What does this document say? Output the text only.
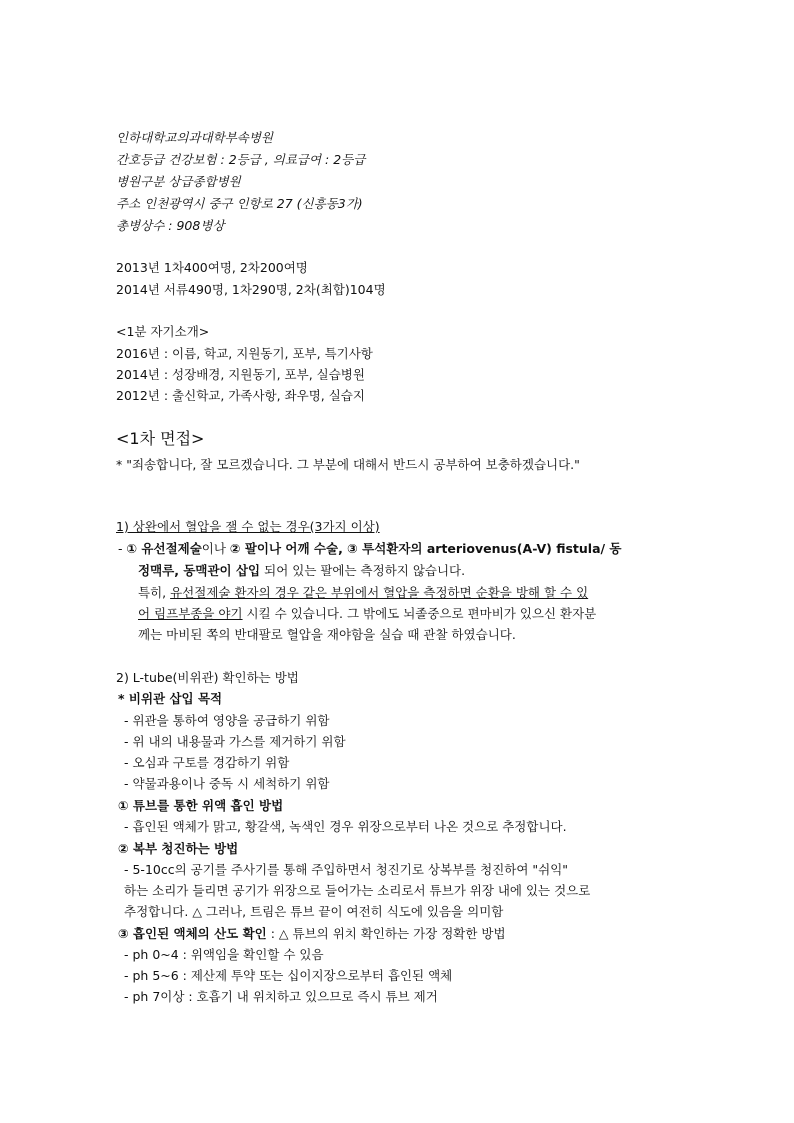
인하대학교의과대학부속병원
간호등급 건강보험 : 2등급 , 의료급여 : 2등급
병원구분 상급종합병원
주소 인천광역시 중구 인항로 27 (신흥동3가)
총병상수 : 908병상
2013년 1차400여명, 2차200여명
2014년 서류490명, 1차290명, 2차(최합)104명
<1분 자기소개>
2016년 : 이름, 학교, 지원동기, 포부, 특기사항
2014년 : 성장배경, 지원동기, 포부, 실습병원
2012년 : 출신학교, 가족사항, 좌우명, 실습지
<1차 면접>
* "죄송합니다, 잘 모르겠습니다. 그 부분에 대해서 반드시 공부하여 보충하겠습니다."
1) 상완에서 혈압을 잴 수 없는 경우(3가지 이상)
- ① 유선절제술이나 ② 팔이나 어깨 수술, ③ 투석환자의 arteriovenus(A-V) fistula/ 동
정맥루, 동맥관이 삽입 되어 있는 팔에는 측정하지 않습니다.
특히, 유선절제술 환자의 경우 같은 부위에서 혈압을 측정하면 순환을 방해 할 수 있
어 림프부종을 야기 시킬 수 있습니다. 그 밖에도 뇌졸중으로 편마비가 있으신 환자분
께는 마비된 쪽의 반대팔로 혈압을 재야함을 실습 때 관찰 하였습니다.
2) L-tube(비위관) 확인하는 방법
* 비위관 삽입 목적
- 위관을 통하여 영양을 공급하기 위함
- 위 내의 내용물과 가스를 제거하기 위함
- 오심과 구토를 경감하기 위함
- 약물과용이나 중독 시 세척하기 위함
① 튜브를 통한 위액 흡인 방법
- 흡인된 액체가 맑고, 황갈색, 녹색인 경우 위장으로부터 나온 것으로 추정합니다.
② 복부 청진하는 방법
- 5-10cc의 공기를 주사기를 통해 주입하면서 청진기로 상복부를 청진하여 "쉬익"
하는 소리가 들리면 공기가 위장으로 들어가는 소리로서 튜브가 위장 내에 있는 것으로
추정합니다. △ 그러나, 트림은 튜브 끝이 여전히 식도에 있음을 의미함
③ 흡인된 액체의 산도 확인 : △ 튜브의 위치 확인하는 가장 정확한 방법
- ph 0~4 : 위액임을 확인할 수 있음
- ph 5~6 : 제산제 투약 또는 십이지장으로부터 흡인된 액체
- ph 7이상 : 호흡기 내 위치하고 있으므로 즉시 튜브 제거
